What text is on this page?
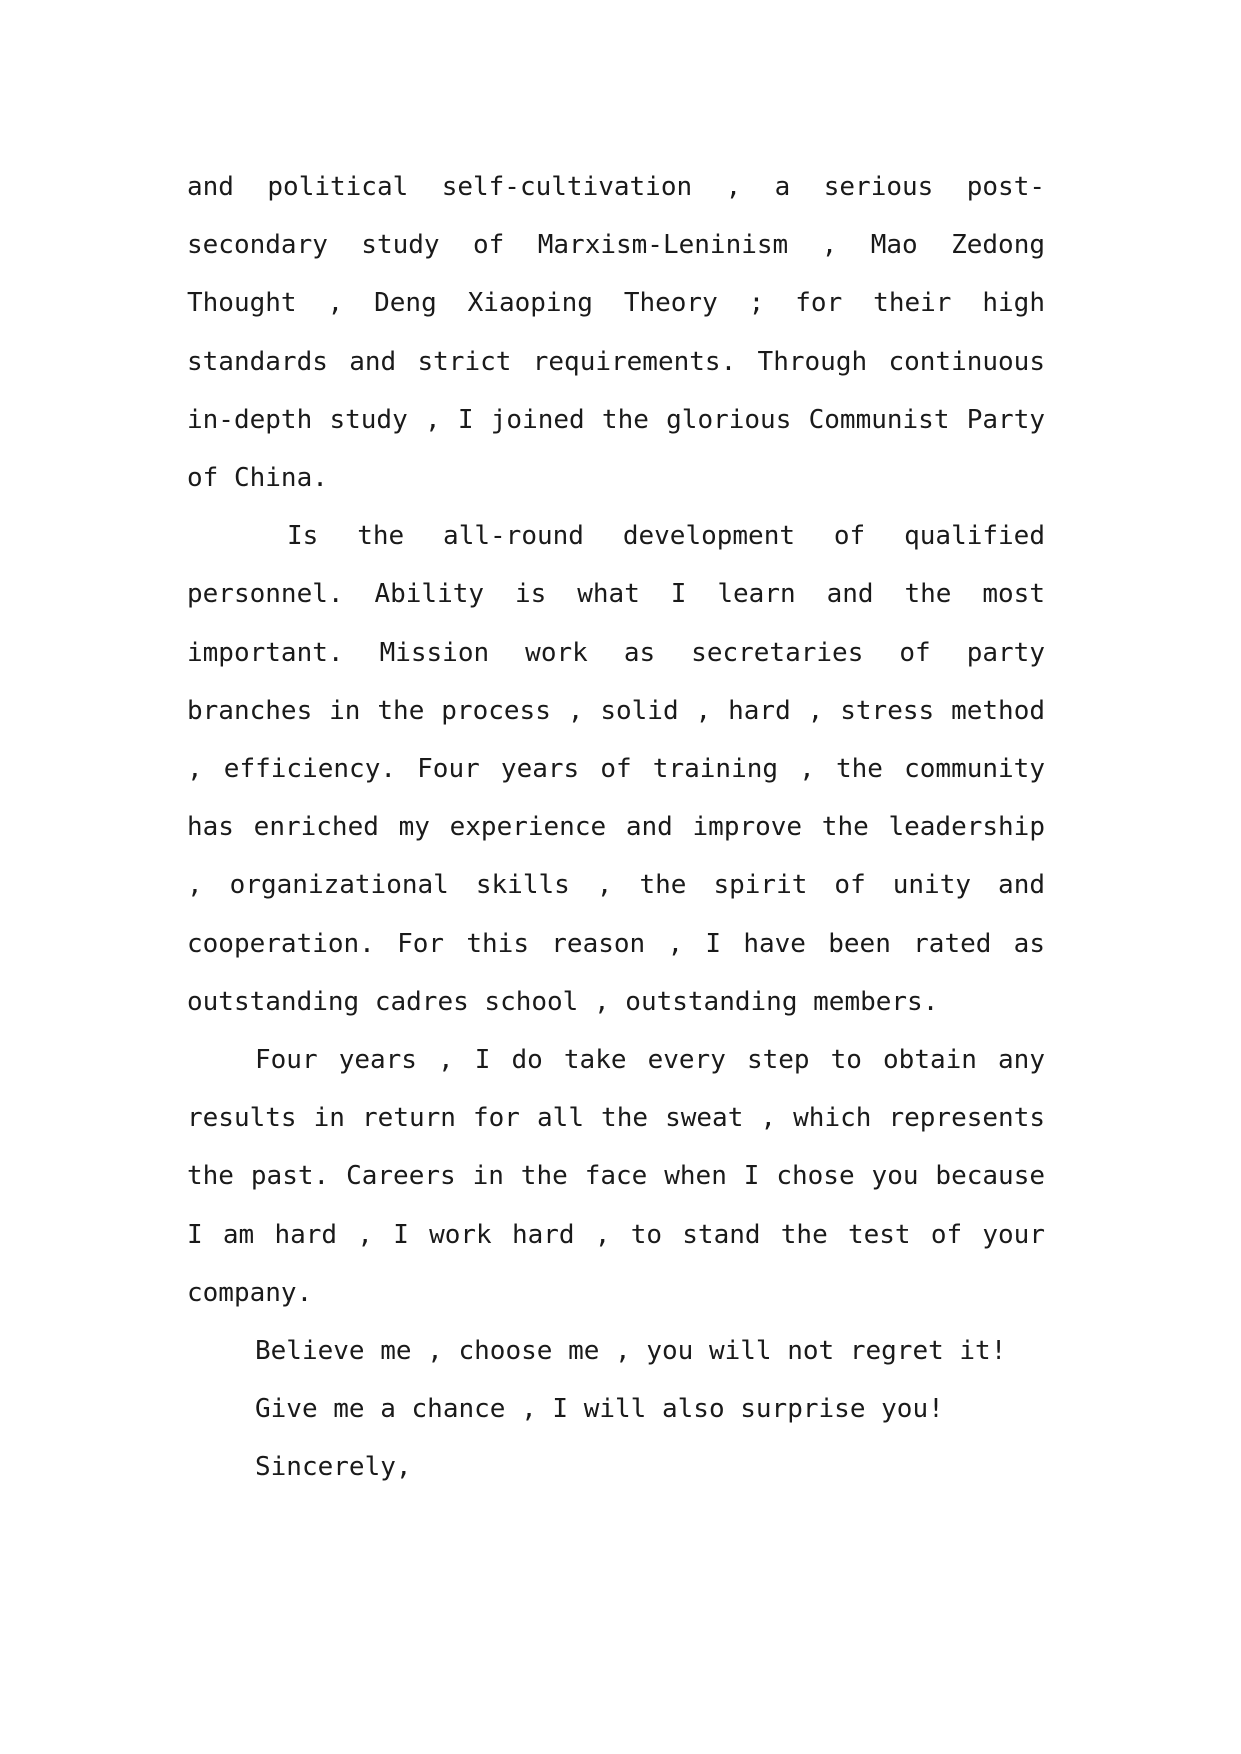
and political self-cultivation , a serious post-secondary study of Marxism-Leninism , Mao Zedong Thought , Deng Xiaoping Theory ; for their high standards and strict requirements. Through continuous in-depth study , I joined the glorious Communist Party of China.

Is the all-round development of qualified personnel. Ability is what I learn and the most important. Mission work as secretaries of party branches in the process , solid , hard , stress method , efficiency. Four years of training , the community has enriched my experience and improve the leadership , organizational skills , the spirit of unity and cooperation. For this reason , I have been rated as outstanding cadres school , outstanding members.

Four years , I do take every step to obtain any results in return for all the sweat , which represents the past. Careers in the face when I chose you because I am hard , I work hard , to stand the test of your company.

Believe me , choose me , you will not regret it!

Give me a chance , I will also surprise you!

Sincerely,
